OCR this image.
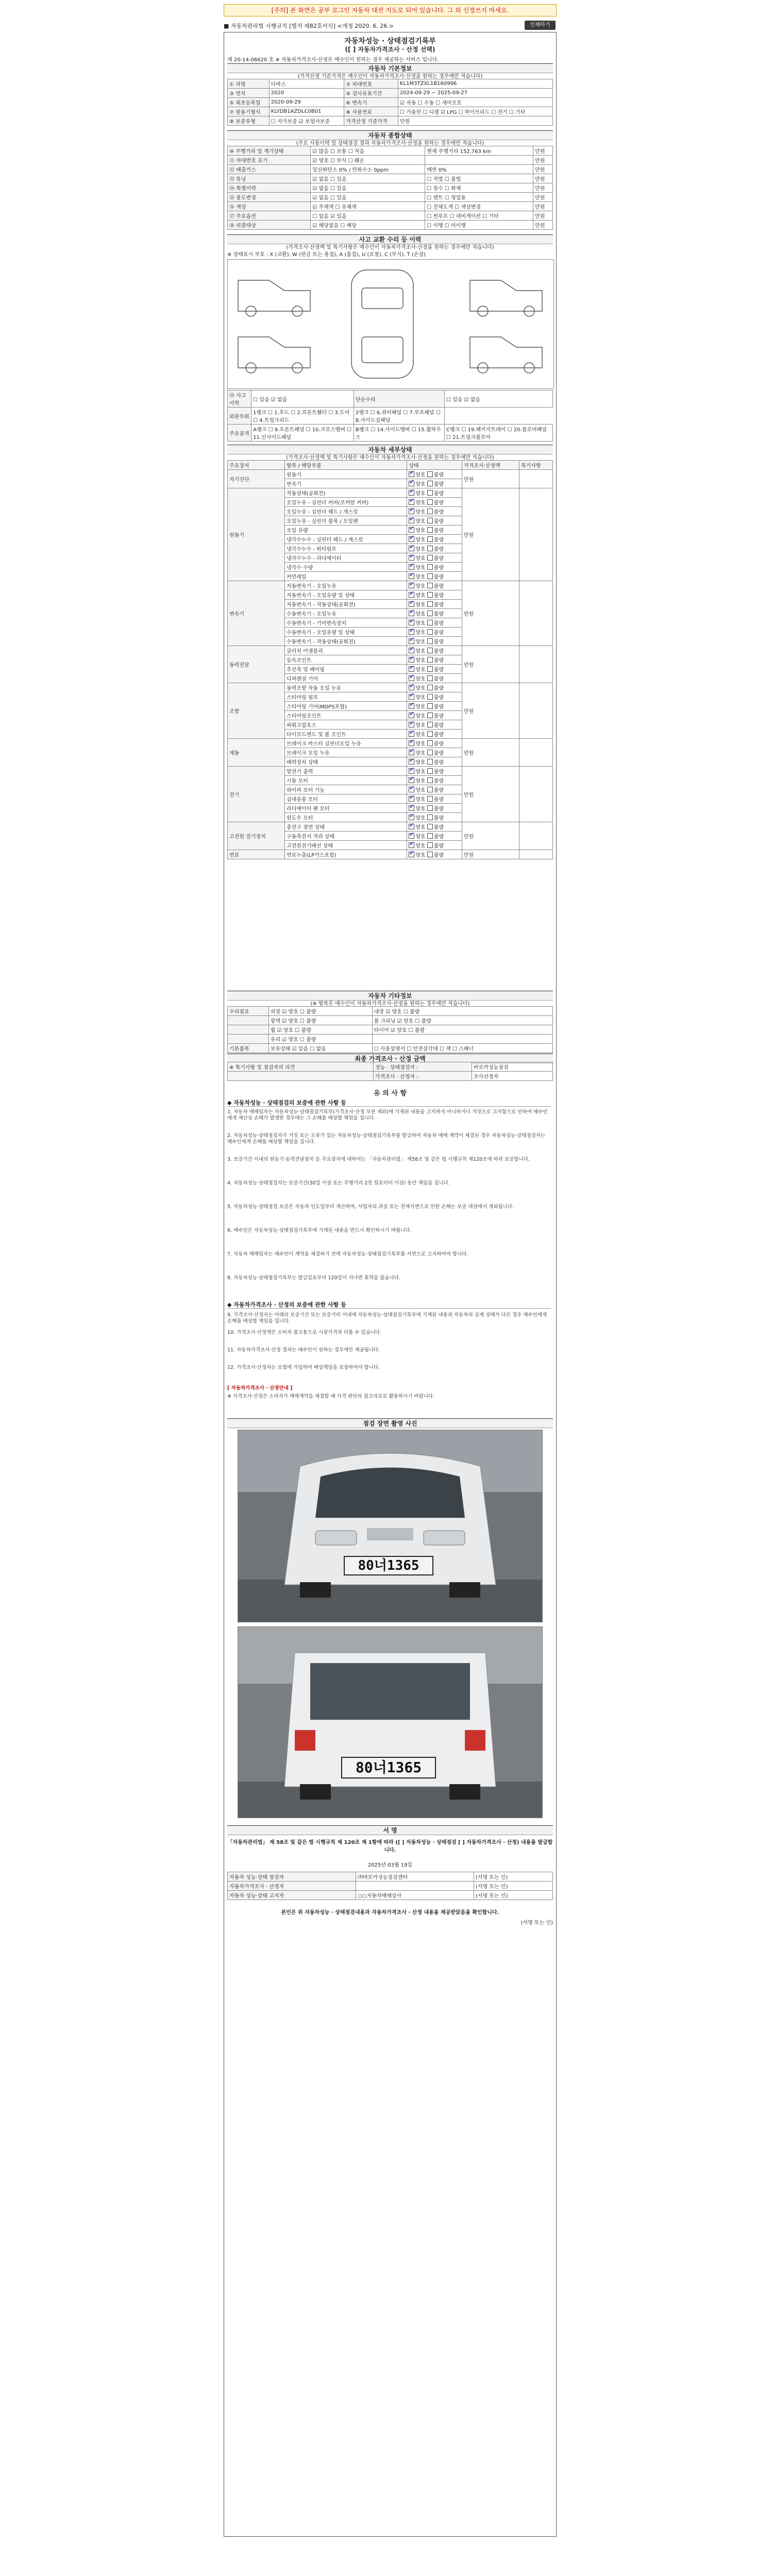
[주의] 본 화면은 공부 로그인 자동차 대전 지도로 되어 있습니다. 그 외 신경쓰지 마세요.
■ 자동차관리법 시행규칙 [별지 제82호서식] <개정 2020. 6. 26.>	인쇄하기
자동차성능 · 상태점검기록부
([ ] 자동차가격조사 · 산정 선택)
제 20-14-06620 호 ※ 자동차가격조사·산정은 매수인이 원하는 경우 제공하는 서비스 입니다.
자동차 기본정보
(가격산정 기준가격은 매수인이 자동차가격조사·산정을 원하는 경우에만 적습니다)
① 차명	다마스	② 차대번호	KL1M3TZXL1B160996
③ 연식	2020	④ 검사유효기간	2024-09-29 ~ 2025-09-27
⑤ 최초등록일	2020-09-29	⑥ 변속기	☑ 자동 ☐ 수동 ☐ 세미오토
⑦ 원동기형식	KLYDB1AZDLC0B01	⑧ 사용연료	☐ 가솔린 ☐ 디젤 ☑ LPG ☐ 하이브리드 ☐ 전기 ☐ 기타
⑨ 보증유형	☐ 자가보증 ☑ 보험사보증	가격산정 기준가격	만원
자동차 종합상태
(주요 사용이력 및 상태점검 결과 자동차가격조사·산정을 원하는 경우에만 적습니다)
⑩ 주행거리 및 계기상태	☑ 많음 ☐ 보통 ☐ 적음	현재 주행거리 152,763 km	만원
⑪ 차대번호 표기	☑ 양호 ☐ 부식 ☐ 훼손		만원
⑫ 배출가스	일산화탄소 0% / 탄화수소 0ppm	매연 0%	만원
⑬ 튜닝	☑ 없음 ☐ 있음	☐ 적법 ☐ 불법	만원
⑭ 특별이력	☑ 없음 ☐ 있음	☐ 침수 ☐ 화재	만원
⑮ 용도변경	☑ 없음 ☐ 있음	☐ 렌트 ☐ 영업용	만원
⑯ 색상	☑ 무채색 ☐ 유채색	☐ 전체도색 ☐ 색상변경	만원
⑰ 주요옵션	☐ 없음 ☑ 있음	☐ 썬루프 ☐ 네비게이션 ☐ 기타	만원
⑱ 리콜대상	☑ 해당없음 ☐ 해당	☐ 이행 ☐ 미이행	만원
사고 교환 수리 등 이력
(가격조사·산정액 및 특기사항은 매수인이 자동차가격조사·산정을 원하는 경우에만 적습니다)
※ 상태표시 부호 : X (교환), W (판금 또는 용접), A (흠집), U (요철), C (부식), T (손상)
⑲ 사고이력	☐ 있음 ☑ 없음	단순수리	☐ 있음 ☑ 없음
외판부위	1랭크 ☐ 1.후드 ☐ 2.프론트휀더 ☐ 3.도어 ☐ 4.트렁크리드	2랭크 ☐ 6.쿼터패널 ☐ 7.루프패널 ☐ 8.사이드실패널	
주요골격	A랭크 ☐ 9.프론트패널 ☐ 10.크로스멤버 ☐ 11.인사이드패널	B랭크 ☐ 14.사이드멤버 ☐ 15.휠하우스	C랭크 ☐ 19.패키지트레이 ☐ 20.플로어패널 ☐ 21.트렁크플로어
자동차 세부상태
(가격조사·산정액 및 특기사항은 매수인이 자동차가격조사·산정을 원하는 경우에만 적습니다)
주요장치	항목 / 해당부품	상태	가격조사·산정액	특기사항
자기진단	원동기	✔양호 불량	만원	
	변속기	✔양호 불량
원동기	작동상태(공회전)	✔양호 불량	만원	
	오일누유 - 실린더 커버(로커암 커버)	✔양호 불량
	오일누유 - 실린더 헤드 / 개스킷	✔양호 불량
	오일누유 - 실린더 블록 / 오일팬	✔양호 불량
	오일 유량	✔양호 불량
	냉각수누수 - 실린더 헤드 / 개스킷	✔양호 불량
	냉각수누수 - 워터펌프	✔양호 불량
	냉각수누수 - 라디에이터	✔양호 불량
	냉각수 수량	✔양호 불량
	커먼레일	✔양호 불량
변속기	자동변속기 - 오일누유	✔양호 불량	만원	
	자동변속기 - 오일유량 및 상태	✔양호 불량
	자동변속기 - 작동상태(공회전)	✔양호 불량
	수동변속기 - 오일누유	✔양호 불량
	수동변속기 - 기어변속장치	✔양호 불량
	수동변속기 - 오일유량 및 상태	✔양호 불량
	수동변속기 - 작동상태(공회전)	✔양호 불량
동력전달	클러치 어셈블리	✔양호 불량	만원	
	등속조인트	✔양호 불량
	추진축 및 베어링	✔양호 불량
	디퍼렌셜 기어	✔양호 불량
조향	동력조향 작동 오일 누유	✔양호 불량	만원	
	스티어링 펌프	✔양호 불량
	스티어링 기어(MDPS포함)	✔양호 불량
	스티어링조인트	✔양호 불량
	파워고압호스	✔양호 불량
	타이로드엔드 및 볼 조인트	✔양호 불량
제동	브레이크 마스터 실린더오일 누유	✔양호 불량	만원	
	브레이크 오일 누유	✔양호 불량
	배력장치 상태	✔양호 불량
전기	발전기 출력	✔양호 불량	만원	
	시동 모터	✔양호 불량
	와이퍼 모터 기능	✔양호 불량
	실내송풍 모터	✔양호 불량
	라디에이터 팬 모터	✔양호 불량
	윈도우 모터	✔양호 불량
고전원 전기장치	충전구 절연 상태	✔양호 불량	만원	
	구동축전지 격리 상태	✔양호 불량
	고전원전기배선 상태	✔양호 불량
연료	연료누출(LP가스포함)	✔양호 불량	만원	
자동차 기타정보
(※ 항목은 매수인이 자동차가격조사·산정을 원하는 경우에만 적습니다)
수리필요	외장 ☑ 양호 ☐ 불량	내장 ☑ 양호 ☐ 불량
	광택 ☑ 양호 ☐ 불량	룸 크리닝 ☑ 양호 ☐ 불량
	휠 ☑ 양호 ☐ 불량	타이어 ☑ 양호 ☐ 불량
	유리 ☑ 양호 ☐ 불량	
기본품목	보유상태 ☑ 있음 ☐ 없음	☐ 사용설명서 ☐ 안전삼각대 ☐ 잭 ☐ 스패너
최종 가격조사 · 산정 금액
※ 특기사항 및 점검자의 의견	성능 · 상태점검자 :	바로카성능점검
	가격조사 · 산정자 :	조사산정자
유 의 사 항
◆ 자동차성능 · 상태점검의 보증에 관한 사항 등
1. 자동차 매매업자는 자동차성능·상태점검기록부(가격조사·산정 부분 제외)에 기재된 내용을 고지하지 아니하거나 거짓으로 고지함으로 인하여 매수인에게 재산상 손해가 발생한 경우에는 그 손해를 배상할 책임을 집니다.
2. 자동차성능·상태점검자가 거짓 또는 오류가 있는 자동차성능·상태점검기록부를 발급하여 자동차 매매 계약이 체결된 경우 자동차성능·상태점검자는 매수인에게 손해를 배상할 책임을 집니다.
3. 보증기간 이내의 원동기·동력전달장치 등 주요장치에 대하여는 「자동차관리법」 제58조 및 같은 법 시행규칙 제120조에 따라 보증합니다.
4. 자동차성능·상태점검자는 보증기간(30일 이상 또는 주행거리 2천 킬로미터 이상) 동안 책임을 집니다.
5. 자동차성능·상태점검 보증은 자동차 인도일부터 계산하며, 사업자의 과실 또는 천재지변으로 인한 손해는 보증 대상에서 제외됩니다.
6. 매수인은 자동차성능·상태점검기록부에 기재된 내용을 반드시 확인하시기 바랍니다.
7. 자동차 매매업자는 매수인이 계약을 체결하기 전에 자동차성능·상태점검기록부를 서면으로 고지하여야 합니다.
8. 자동차성능·상태점검기록부는 발급일로부터 120일이 지나면 효력을 잃습니다.
◆ 자동차가격조사 · 산정의 보증에 관한 사항 등
9. 가격조사·산정자는 아래의 보증기간 또는 보증거리 이내에 자동차성능·상태점검기록부에 기재된 내용과 자동차의 실제 상태가 다른 경우 매수인에게 손해를 배상할 책임을 집니다.
10. 가격조사·산정액은 소비자 참고용으로 시장가격과 다를 수 있습니다.
11. 자동차가격조사·산정 결과는 매수인이 원하는 경우에만 제공됩니다.
12. 가격조사·산정자는 보험에 가입하여 배상책임을 보장하여야 합니다.
[ 자동차가격조사 · 산정안내 ]
※ 가격조사·산정은 소비자가 매매계약을 체결할 때 가격 판단의 참고자료로 활용하시기 바랍니다.
점검 장면 촬영 사진
80너1365
80너1365
서 명
「자동차관리법」 제 58조 및 같은 법 시행규칙 제 120조 제 1항에 따라 ([ ] 자동차성능 · 상태점검 [ ] 자동차가격조사 · 산정) 내용을 발급합니다.
2025년 03월 19일
자동차 성능·상태 점검자	㈜바로카성능점검센터	(서명 또는 인)
자동차가격조사 · 산정자		(서명 또는 인)
자동차 성능·상태 고지자	○○자동차매매상사	(서명 또는 인)
본인은 위 자동차성능 · 상태점검내용과 자동차가격조사 · 산정 내용을 제공받았음을 확인합니다.
(서명 또는 인)
